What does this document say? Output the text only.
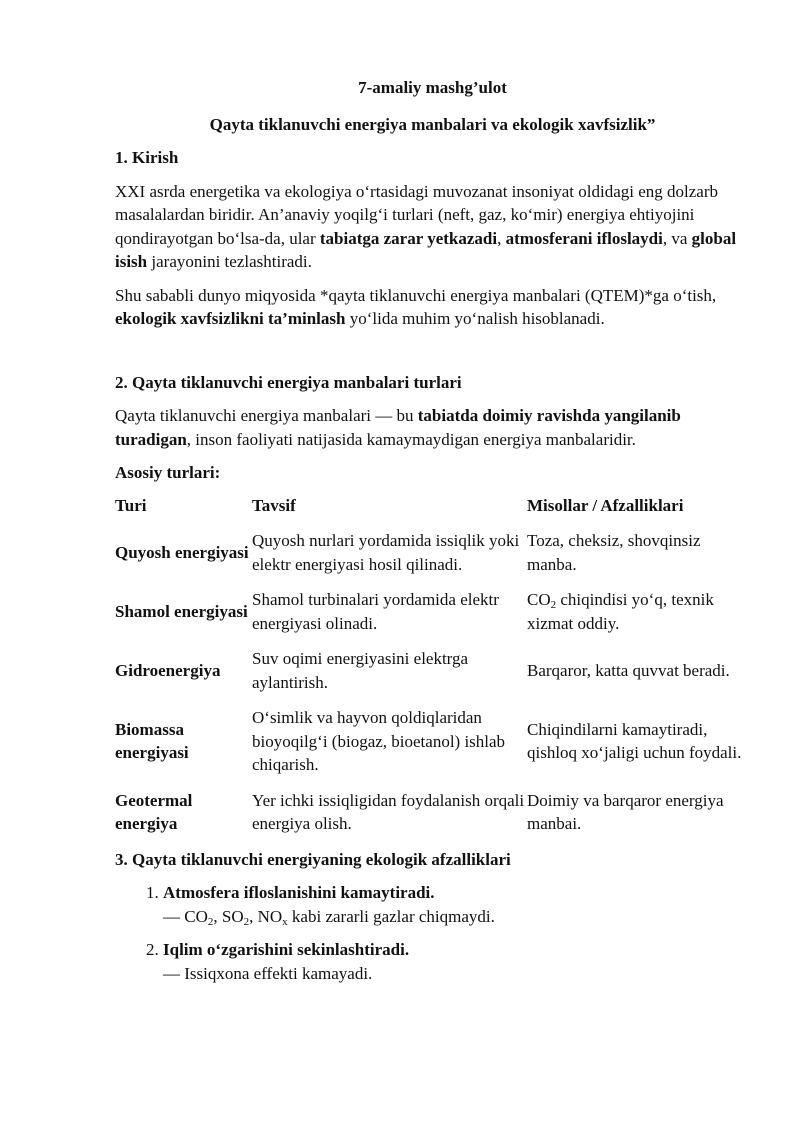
7-amaliy mashg’ulot

Qayta tiklanuvchi energiya manbalari va ekologik xavfsizlik”

1. Kirish

XXI asrda energetika va ekologiya o‘rtasidagi muvozanat insoniyat oldidagi eng dolzarb masalalardan biridir. An’anaviy yoqilg‘i turlari (neft, gaz, ko‘mir) energiya ehtiyojini qondirayotgan bo‘lsa-da, ular tabiatga zarar yetkazadi, atmosferani ifloslaydi, va global isish jarayonini tezlashtiradi.

Shu sababli dunyo miqyosida *qayta tiklanuvchi energiya manbalari (QTEM)*ga o‘tish, ekologik xavfsizlikni ta’minlash yo‘lida muhim yo‘nalish hisoblanadi.

2. Qayta tiklanuvchi energiya manbalari turlari

Qayta tiklanuvchi energiya manbalari — bu tabiatda doimiy ravishda yangilanib turadigan, inson faoliyati natijasida kamaymaydigan energiya manbalaridir.

Asosiy turlari:

Turi	Tavsif	Misollar / Afzalliklari
Quyosh energiyasi	Quyosh nurlari yordamida issiqlik yoki elektr energiyasi hosil qilinadi.	Toza, cheksiz, shovqinsiz manba.
Shamol energiyasi	Shamol turbinalari yordamida elektr energiyasi olinadi.	$CO_2$ chiqindisi yo‘q, texnik xizmat oddiy.
Gidroenergiya	Suv oqimi energiyasini elektrga aylantirish.	Barqaror, katta quvvat beradi.
Biomassa energiyasi	O‘simlik va hayvon qoldiqlaridan bioyoqilg‘i (biogaz, bioetanol) ishlab chiqarish.	Chiqindilarni kamaytiradi, qishloq xo‘jaligi uchun foydali.
Geotermal energiya	Yer ichki issiqligidan foydalanish orqali energiya olish.	Doimiy va barqaror energiya manbai.
3. Qayta tiklanuvchi energiyaning ekologik afzalliklari
1. Atmosfera ifloslanishini kamaytiradi.
— $CO_2$, $SO_2$, $NO_x$ kabi zararli gazlar chiqmaydi.
2. Iqlim o‘zgarishini sekinlashtiradi.
— Issiqxona effekti kamayadi.
